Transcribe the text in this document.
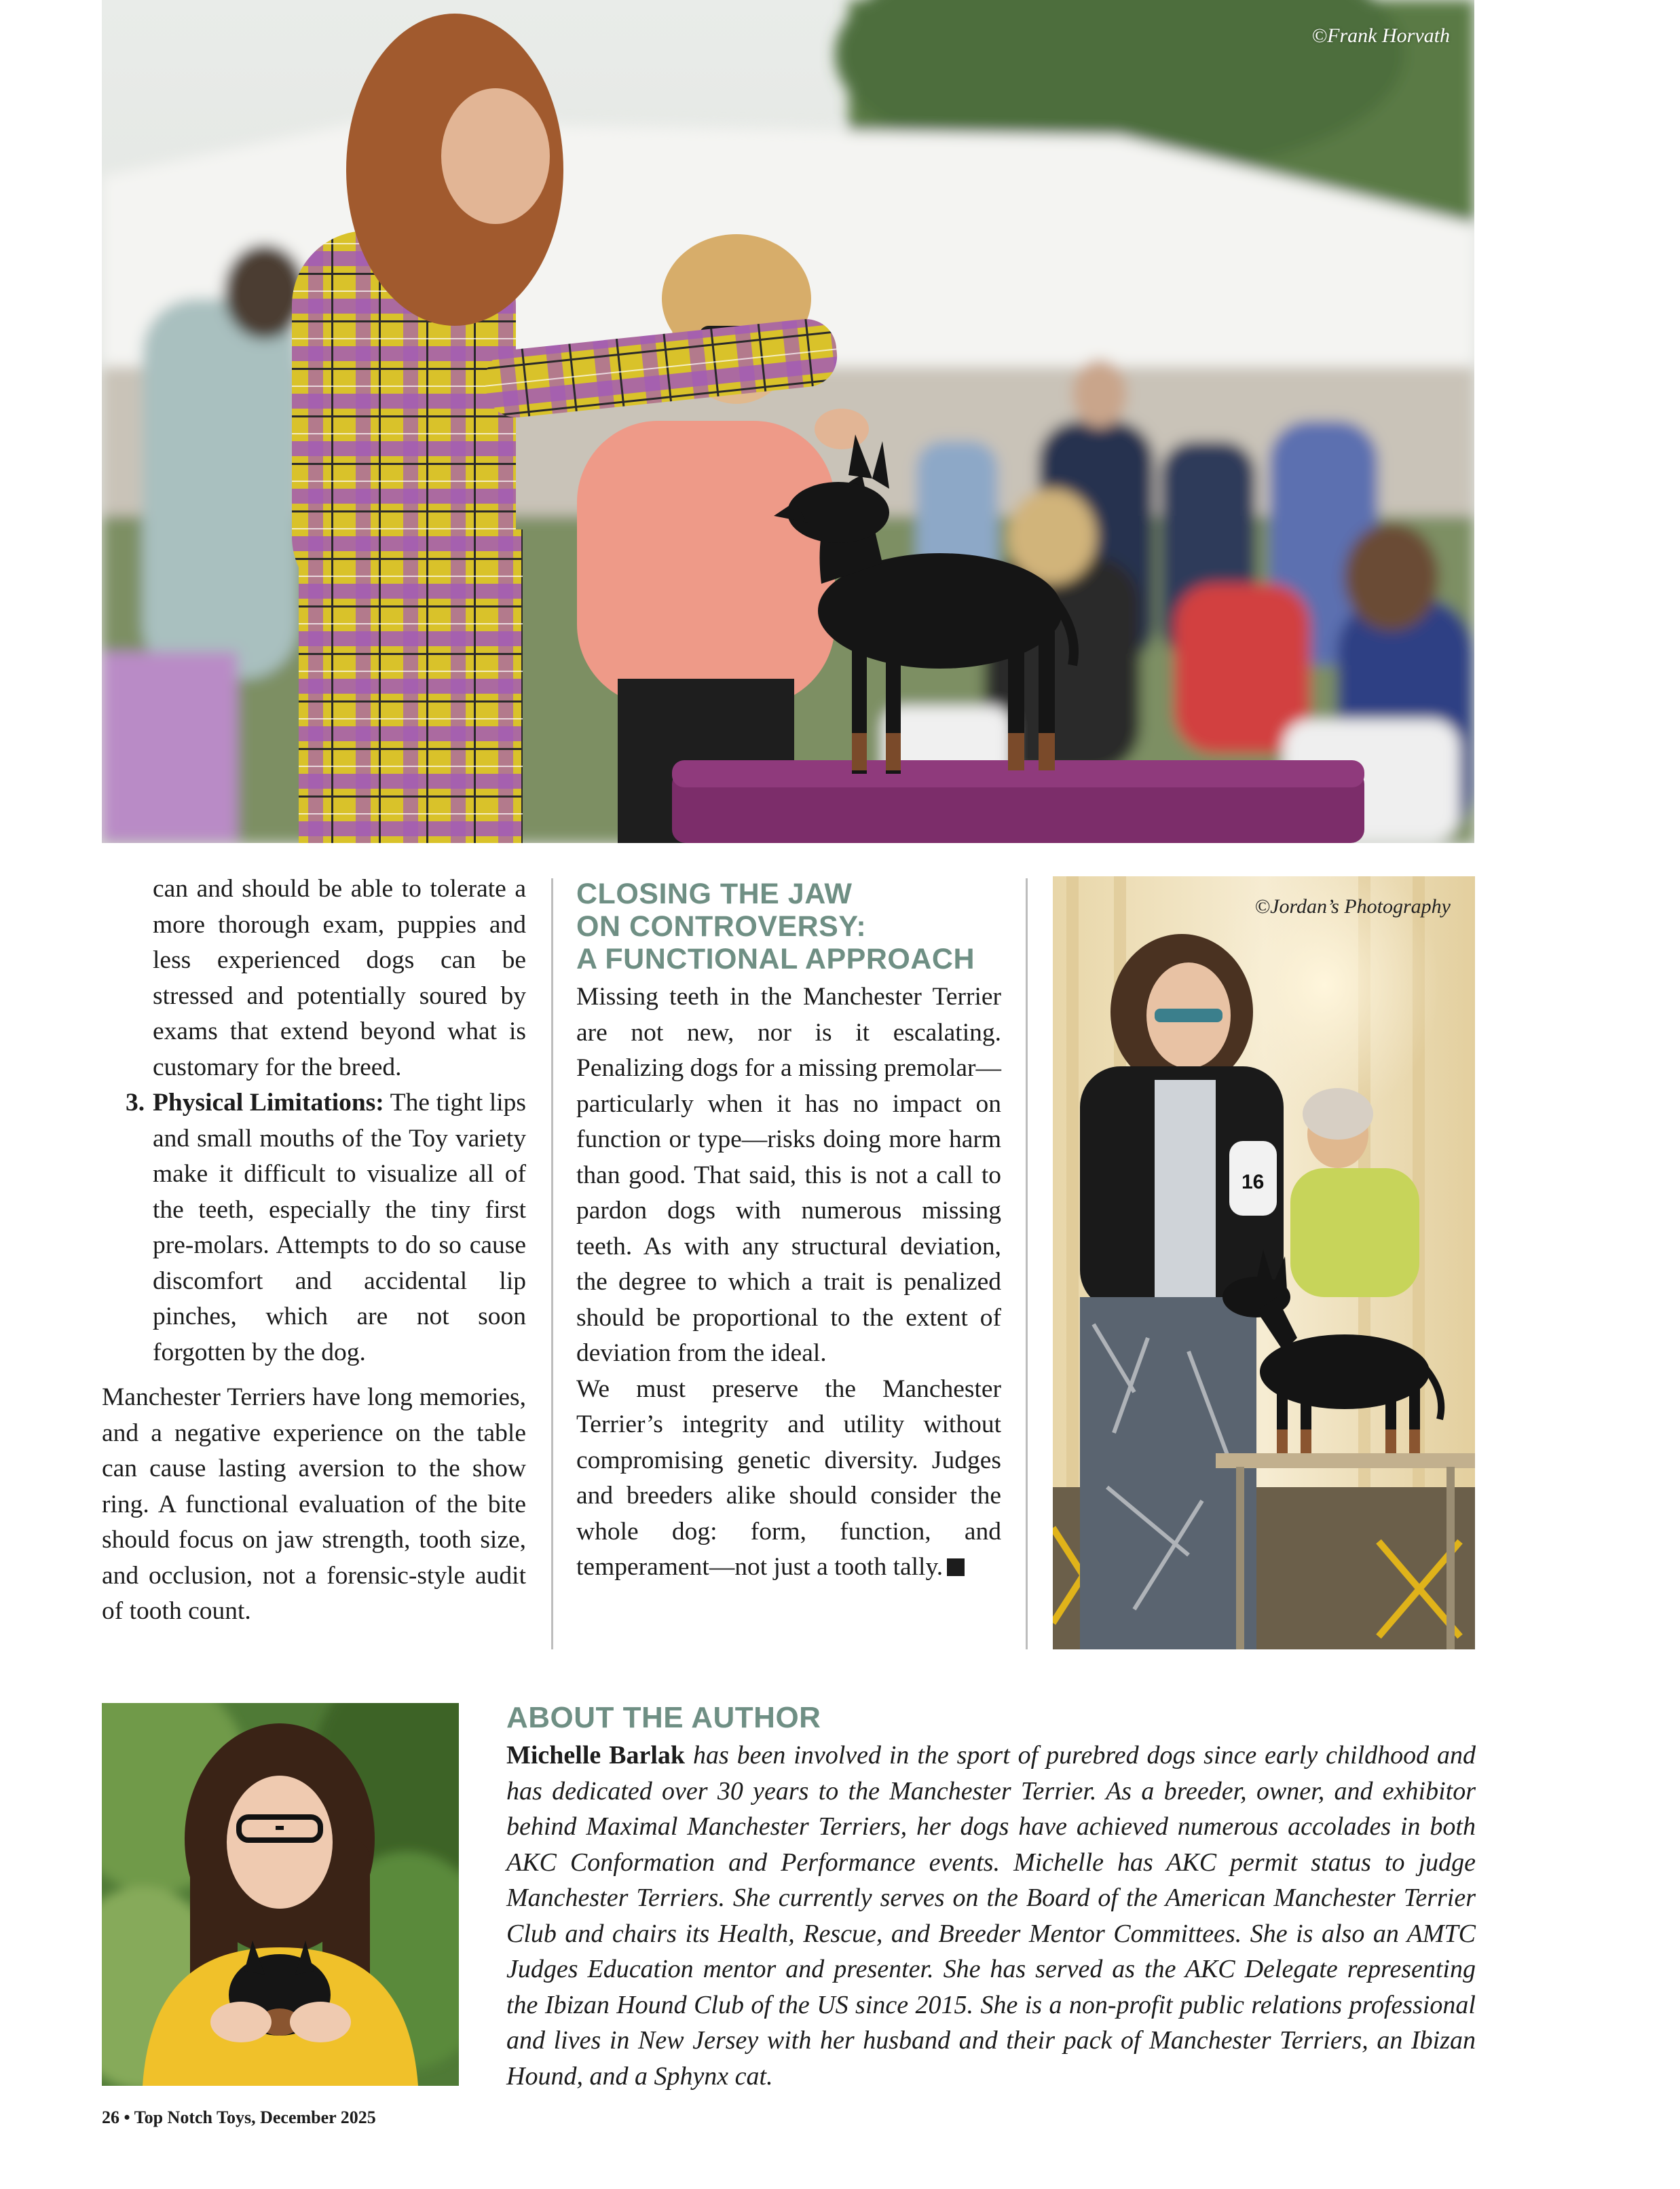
©Frank Horvath

can and should be able to tolerate a more thorough exam, puppies and less experienced dogs can be stressed and potentially soured by exams that extend beyond what is customary for the breed.

3. Physical Limitations: The tight lips and small mouths of the Toy variety make it difficult to visualize all of the teeth, especially the tiny first pre-molars. Attempts to do so cause discomfort and accidental lip pinches, which are not soon forgotten by the dog.

Manchester Terriers have long memories, and a negative experience on the table can cause lasting aversion to the show ring. A functional evaluation of the bite should focus on jaw strength, tooth size, and occlusion, not a forensic-style audit of tooth count.

CLOSING THE JAW
ON CONTROVERSY:
A FUNCTIONAL APPROACH

Missing teeth in the Manchester Terrier are not new, nor is it escalating. Penalizing dogs for a missing premolar—particularly when it has no impact on function or type—risks doing more harm than good. That said, this is not a call to pardon dogs with numerous missing teeth. As with any structural deviation, the degree to which a trait is penalized should be proportional to the extent of deviation from the ideal.

We must preserve the Manchester Terrier’s integrity and utility without compromising genetic diversity. Judges and breeders alike should consider the whole dog: form, function, and temperament—not just a tooth tally.

16
©Jordan’s Photography
ABOUT THE AUTHOR

Michelle Barlak has been involved in the sport of purebred dogs since early childhood and has dedicated over 30 years to the Manchester Terrier. As a breeder, owner, and exhibitor behind Maximal Manchester Terriers, her dogs have achieved numerous accolades in both AKC Conformation and Performance events. Michelle has AKC permit status to judge Manchester Terriers. She currently serves on the Board of the American Manchester Terrier Club and chairs its Health, Rescue, and Breeder Mentor Committees. She is also an AMTC Judges Education mentor and presenter. She has served as the AKC Delegate representing the Ibizan Hound Club of the US since 2015. She is a non-profit public relations professional and lives in New Jersey with her husband and their pack of Manchester Terriers, an Ibizan Hound, and a Sphynx cat.

26 • Top Notch Toys, December 2025
